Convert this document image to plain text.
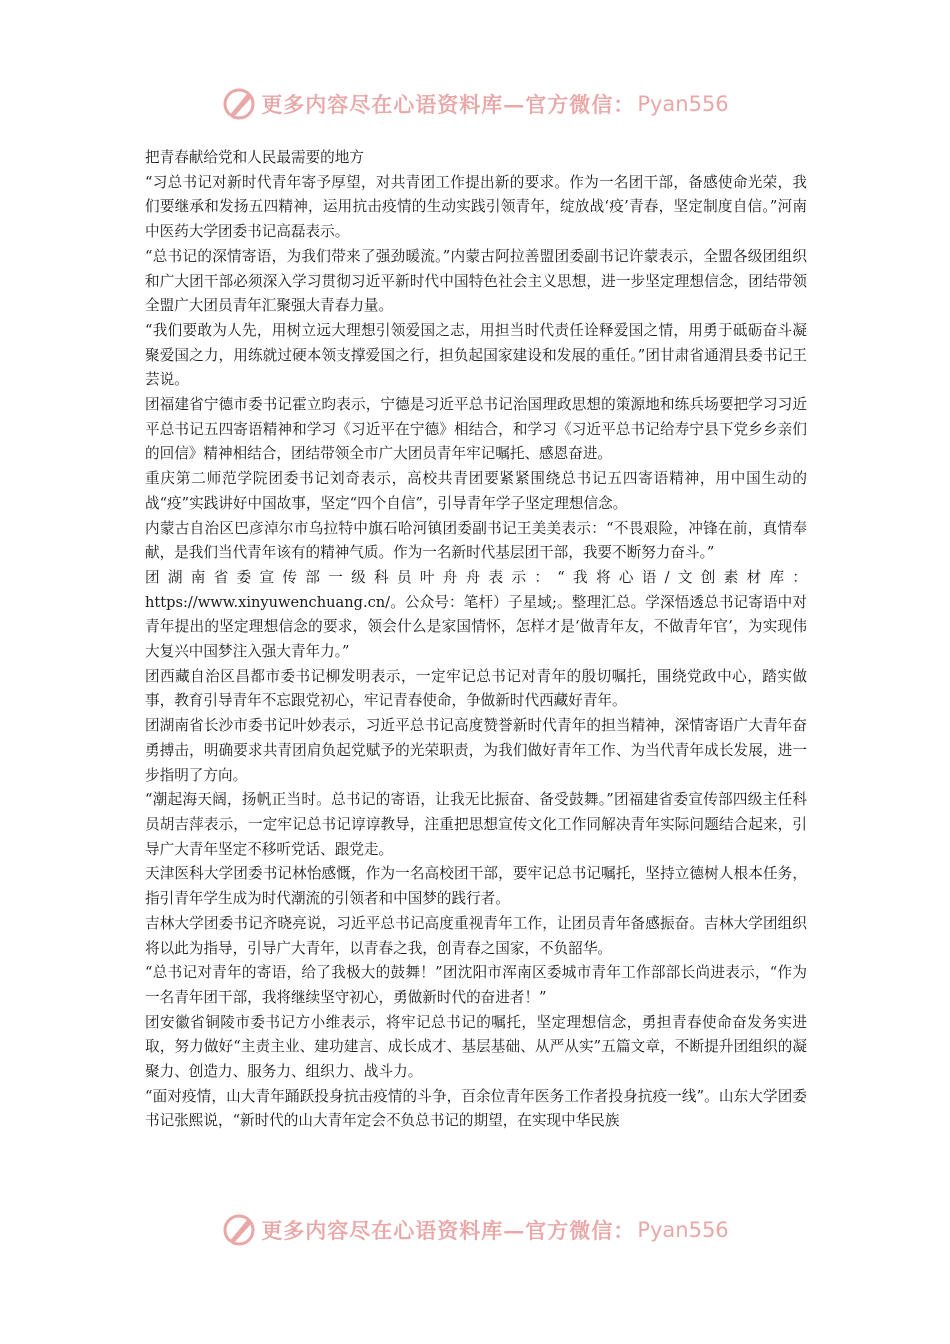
更多内容尽在心语资料库—官方微信： Pyan556

把青春献给党和人民最需要的地方

“习总书记对新时代青年寄予厚望，对共青团工作提出新的要求。作为一名团干部，备感使命光荣，我们要继承和发扬五四精神，运用抗击疫情的生动实践引领青年，绽放战‘疫’青春，坚定制度自信。”河南中医药大学团委书记高磊表示。

“总书记的深情寄语，为我们带来了强劲暖流。”内蒙古阿拉善盟团委副书记许蒙表示，全盟各级团组织和广大团干部必须深入学习贯彻习近平新时代中国特色社会主义思想，进一步坚定理想信念，团结带领全盟广大团员青年汇聚强大青春力量。

“我们要敢为人先，用树立远大理想引领爱国之志，用担当时代责任诠释爱国之情，用勇于砥砺奋斗凝聚爱国之力，用练就过硬本领支撑爱国之行，担负起国家建设和发展的重任。”团甘肃省通渭县委书记王芸说。

团福建省宁德市委书记霍立昀表示，宁德是习近平总书记治国理政思想的策源地和练兵场要把学习习近平总书记五四寄语精神和学习《习近平在宁德》相结合，和学习《习近平总书记给寿宁县下党乡乡亲们的回信》精神相结合，团结带领全市广大团员青年牢记嘱托、感恩奋进。

重庆第二师范学院团委书记刘奇表示，高校共青团要紧紧围绕总书记五四寄语精神，用中国生动的战“疫”实践讲好中国故事，坚定“四个自信”，引导青年学子坚定理想信念。

内蒙古自治区巴彦淖尔市乌拉特中旗石哈河镇团委副书记王美美表示：“不畏艰险，冲锋在前，真情奉献，是我们当代青年该有的精神气质。作为一名新时代基层团干部，我要不断努力奋斗。”

团湖南省委宣传部一级科员叶舟舟表示：“我将心语/文创素材库：https://www.xinyuwenchuang.cn/。公众号：笔杆）子星域;。整理汇总。学深悟透总书记寄语中对青年提出的坚定理想信念的要求，领会什么是家国情怀，怎样才是‘做青年友，不做青年官’，为实现伟大复兴中国梦注入强大青年力。”

团西藏自治区昌都市委书记柳发明表示，一定牢记总书记对青年的殷切嘱托，围绕党政中心，踏实做事，教育引导青年不忘跟党初心，牢记青春使命，争做新时代西藏好青年。

团湖南省长沙市委书记叶妙表示，习近平总书记高度赞誉新时代青年的担当精神，深情寄语广大青年奋勇搏击，明确要求共青团肩负起党赋予的光荣职责，为我们做好青年工作、为当代青年成长发展，进一步指明了方向。

“潮起海天阔，扬帆正当时。总书记的寄语，让我无比振奋、备受鼓舞。”团福建省委宣传部四级主任科员胡吉萍表示，一定牢记总书记谆谆教导，注重把思想宣传文化工作同解决青年实际问题结合起来，引导广大青年坚定不移听党话、跟党走。

天津医科大学团委书记林怡感慨，作为一名高校团干部，要牢记总书记嘱托，坚持立德树人根本任务，指引青年学生成为时代潮流的引领者和中国梦的践行者。

吉林大学团委书记齐晓亮说，习近平总书记高度重视青年工作，让团员青年备感振奋。吉林大学团组织将以此为指导，引导广大青年，以青春之我，创青春之国家，不负韶华。

“总书记对青年的寄语，给了我极大的鼓舞！”团沈阳市浑南区委城市青年工作部部长尚进表示，“作为一名青年团干部，我将继续坚守初心，勇做新时代的奋进者！”

团安徽省铜陵市委书记方小维表示，将牢记总书记的嘱托，坚定理想信念，勇担青春使命奋发务实进取，努力做好“主责主业、建功建言、成长成才、基层基础、从严从实”五篇文章，不断提升团组织的凝聚力、创造力、服务力、组织力、战斗力。

“面对疫情，山大青年踊跃投身抗击疫情的斗争，百余位青年医务工作者投身抗疫一线”。山东大学团委书记张熙说，“新时代的山大青年定会不负总书记的期望，在实现中华民族

更多内容尽在心语资料库—官方微信： Pyan556
